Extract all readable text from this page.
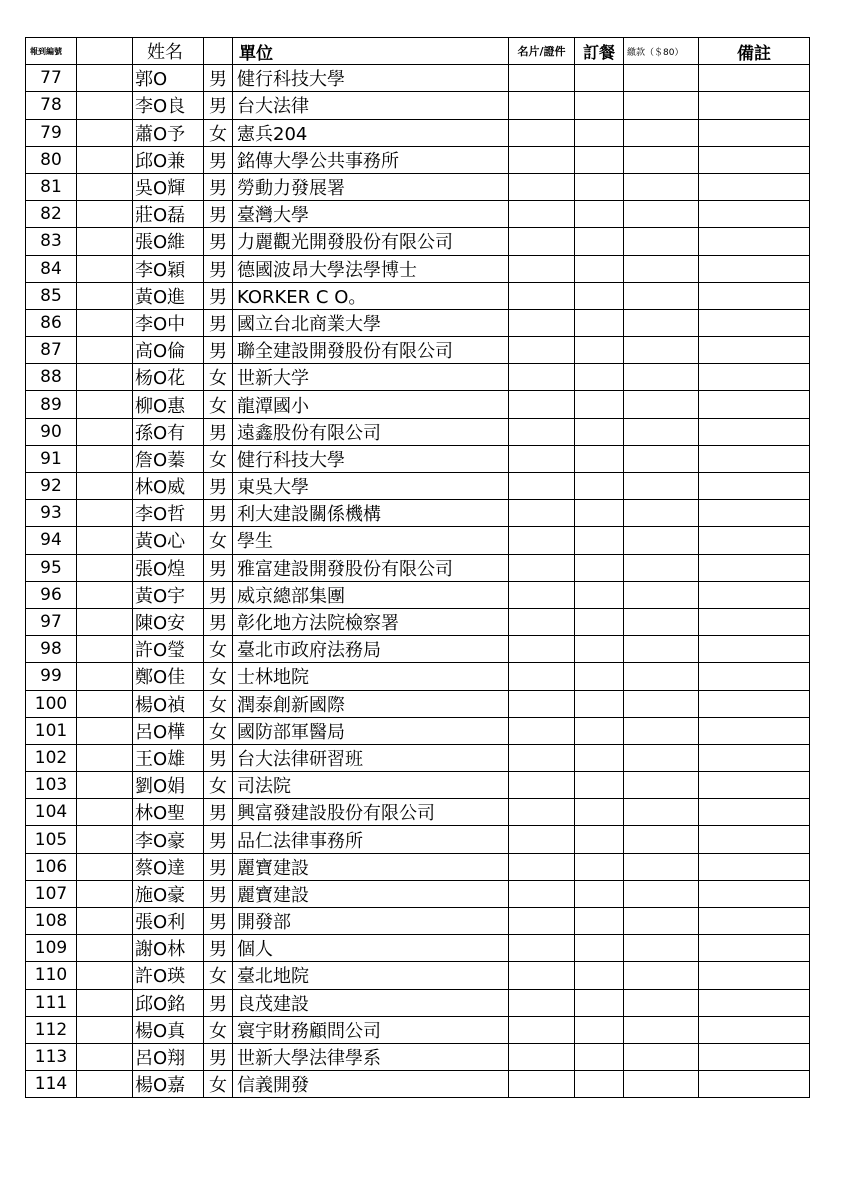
報到編號		姓名		單位	名片/證件	訂餐	繳款（＄80）	備註
77		郭O	男	健行科技大學				
78		李O良	男	台大法律				
79		蕭O予	女	憲兵204				
80		邱O兼	男	銘傳大學公共事務所				
81		吳O輝	男	勞動力發展署				
82		莊O磊	男	臺灣大學				
83		張O維	男	力麗觀光開發股份有限公司				
84		李O穎	男	德國波昂大學法學博士				
85		黃O進	男	KORKER C O。				
86		李O中	男	國立台北商業大學				
87		高O倫	男	聯全建設開發股份有限公司				
88		杨O花	女	世新大学				
89		柳O惠	女	龍潭國小				
90		孫O有	男	遠鑫股份有限公司				
91		詹O蓁	女	健行科技大學				
92		林O威	男	東吳大學				
93		李O哲	男	利大建設關係機構				
94		黃O心	女	學生				
95		張O煌	男	雅富建設開發股份有限公司				
96		黃O宇	男	威京總部集團				
97		陳O安	男	彰化地方法院檢察署				
98		許O瑩	女	臺北市政府法務局				
99		鄭O佳	女	士林地院				
100		楊O禎	女	潤泰創新國際				
101		呂O樺	女	國防部軍醫局				
102		王O雄	男	台大法律研習班				
103		劉O娟	女	司法院				
104		林O聖	男	興富發建設股份有限公司				
105		李O豪	男	品仁法律事務所				
106		蔡O達	男	麗寶建設				
107		施O豪	男	麗寶建設				
108		張O利	男	開發部				
109		謝O林	男	個人				
110		許O瑛	女	臺北地院				
111		邱O銘	男	良茂建設				
112		楊O真	女	寰宇財務顧問公司				
113		呂O翔	男	世新大學法律學系				
114		楊O嘉	女	信義開發				
